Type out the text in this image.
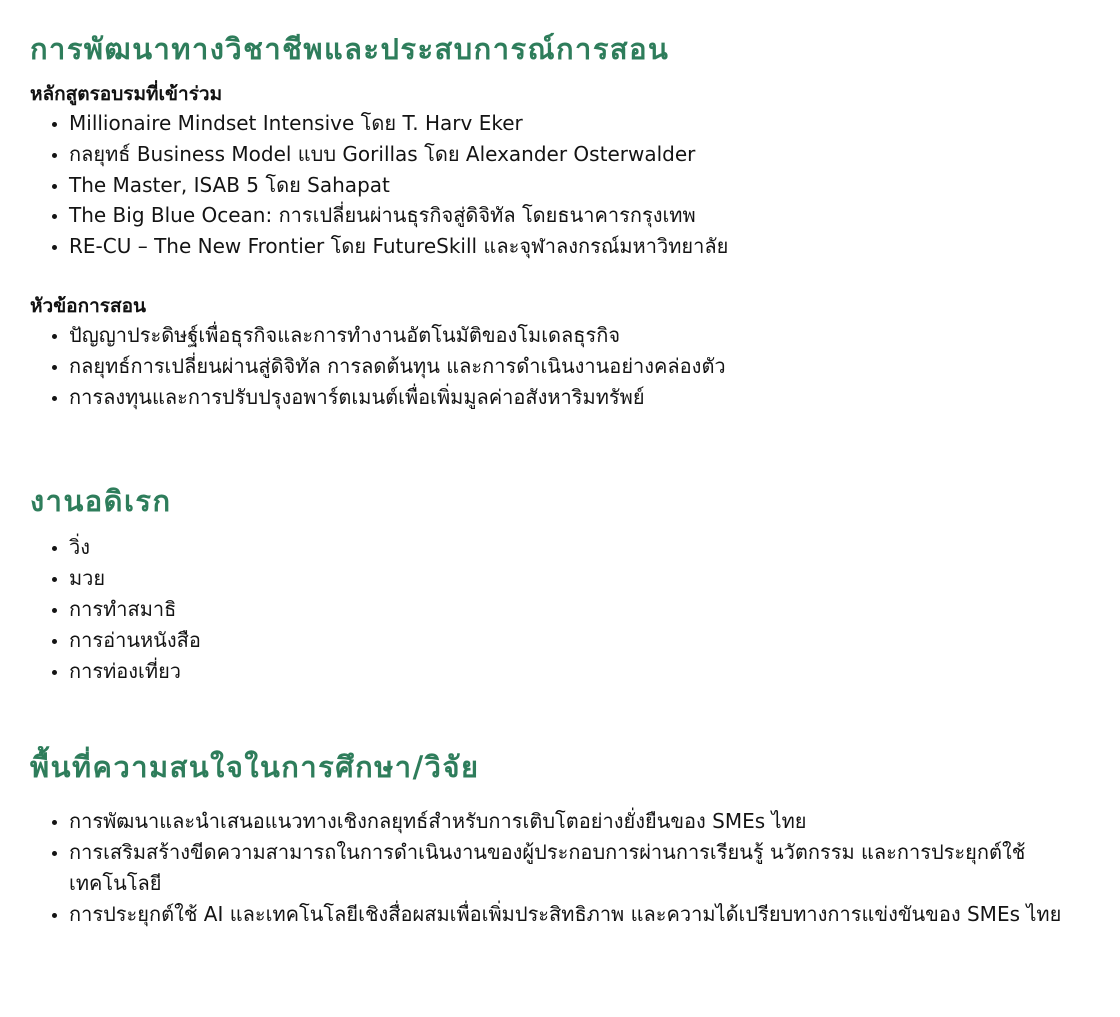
การพัฒนาทางวิชาชีพและประสบการณ์การสอน
หลักสูตรอบรมที่เข้าร่วม
• Millionaire Mindset Intensive โดย T. Harv Eker
• กลยุทธ์ Business Model แบบ Gorillas โดย Alexander Osterwalder
• The Master, ISAB 5 โดย Sahapat
• The Big Blue Ocean: การเปลี่ยนผ่านธุรกิจสู่ดิจิทัล โดยธนาคารกรุงเทพ
• RE-CU – The New Frontier โดย FutureSkill และจุฬาลงกรณ์มหาวิทยาลัย
หัวข้อการสอน
• ปัญญาประดิษฐ์เพื่อธุรกิจและการทำงานอัตโนมัติของโมเดลธุรกิจ
• กลยุทธ์การเปลี่ยนผ่านสู่ดิจิทัล การลดต้นทุน และการดำเนินงานอย่างคล่องตัว
• การลงทุนและการปรับปรุงอพาร์ตเมนต์เพื่อเพิ่มมูลค่าอสังหาริมทรัพย์
งานอดิเรก
• วิ่ง
• มวย
• การทำสมาธิ
• การอ่านหนังสือ
• การท่องเที่ยว
พื้นที่ความสนใจในการศึกษา/วิจัย
• การพัฒนาและนำเสนอแนวทางเชิงกลยุทธ์สำหรับการเติบโตอย่างยั่งยืนของ SMEs ไทย
• การเสริมสร้างขีดความสามารถในการดำเนินงานของผู้ประกอบการผ่านการเรียนรู้ นวัตกรรม และการประยุกต์ใช้เทคโนโลยี
• การประยุกต์ใช้ AI และเทคโนโลยีเชิงสื่อผสมเพื่อเพิ่มประสิทธิภาพ และความได้เปรียบทางการแข่งขันของ SMEs ไทย
